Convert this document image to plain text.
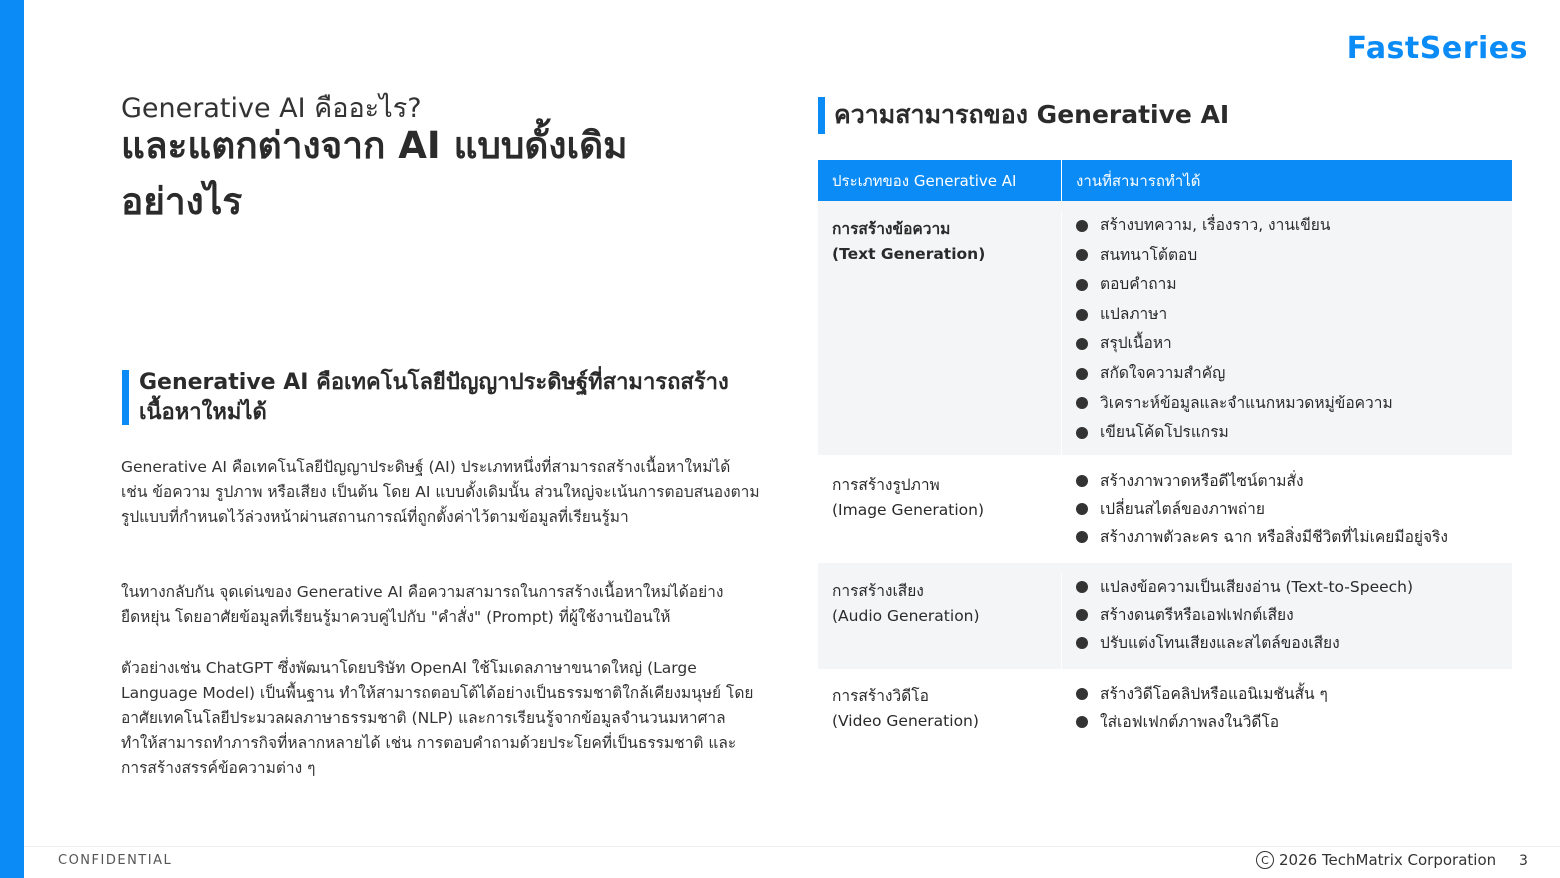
FastSeries
Generative AI คืออะไร?
และแตกต่างจาก AI แบบดั้งเดิมอย่างไร
Generative AI คือเทคโนโลยีปัญญาประดิษฐ์ที่สามารถสร้างเนื้อหาใหม่ได้
Generative AI คือเทคโนโลยีปัญญาประดิษฐ์ (AI) ประเภทหนึ่งที่สามารถสร้างเนื้อหาใหม่ได้ เช่น ข้อความ รูปภาพ หรือเสียง เป็นต้น โดย AI แบบดั้งเดิมนั้น ส่วนใหญ่จะเน้นการตอบสนองตามรูปแบบที่กำหนดไว้ล่วงหน้าผ่านสถานการณ์ที่ถูกตั้งค่าไว้ตามข้อมูลที่เรียนรู้มา
ในทางกลับกัน จุดเด่นของ Generative AI คือความสามารถในการสร้างเนื้อหาใหม่ได้อย่างยืดหยุ่น โดยอาศัยข้อมูลที่เรียนรู้มาควบคู่ไปกับ "คำสั่ง" (Prompt) ที่ผู้ใช้งานป้อนให้
ตัวอย่างเช่น ChatGPT ซึ่งพัฒนาโดยบริษัท OpenAI ใช้โมเดลภาษาขนาดใหญ่ (Large Language Model) เป็นพื้นฐาน ทำให้สามารถตอบโต้ได้อย่างเป็นธรรมชาติใกล้เคียงมนุษย์ โดยอาศัยเทคโนโลยีประมวลผลภาษาธรรมชาติ (NLP) และการเรียนรู้จากข้อมูลจำนวนมหาศาล ทำให้สามารถทำภารกิจที่หลากหลายได้ เช่น การตอบคำถามด้วยประโยคที่เป็นธรรมชาติ และการสร้างสรรค์ข้อความต่าง ๆ
ความสามารถของ Generative AI
ประเภทของ Generative AI	งานที่สามารถทำได้
การสร้างข้อความ
(Text Generation)
สร้างบทความ, เรื่องราว, งานเขียน
สนทนาโต้ตอบ
ตอบคำถาม
แปลภาษา
สรุปเนื้อหา
สกัดใจความสำคัญ
วิเคราะห์ข้อมูลและจำแนกหมวดหมู่ข้อความ
เขียนโค้ดโปรแกรม
การสร้างรูปภาพ
(Image Generation)
สร้างภาพวาดหรือดีไซน์ตามสั่ง
เปลี่ยนสไตล์ของภาพถ่าย
สร้างภาพตัวละคร ฉาก หรือสิ่งมีชีวิตที่ไม่เคยมีอยู่จริง
การสร้างเสียง
(Audio Generation)
แปลงข้อความเป็นเสียงอ่าน (Text-to-Speech)
สร้างดนตรีหรือเอฟเฟกต์เสียง
ปรับแต่งโทนเสียงและสไตล์ของเสียง
การสร้างวิดีโอ
(Video Generation)
สร้างวิดีโอคลิปหรือแอนิเมชันสั้น ๆ
ใส่เอฟเฟกต์ภาพลงในวิดีโอ
CONFIDENTIAL	C 2026 TechMatrix Corporation 3
